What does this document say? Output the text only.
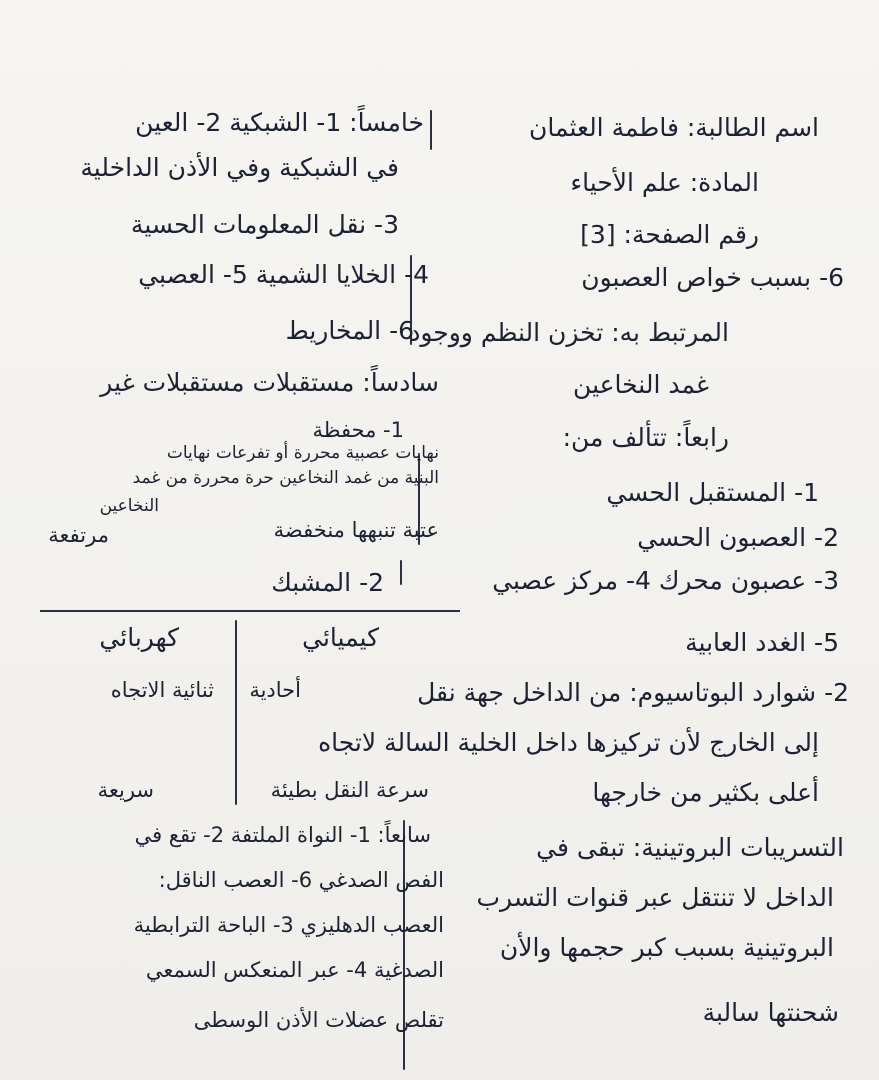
اسم الطالبة: فاطمة العثمان
المادة: علم الأحياء
رقم الصفحة: [3]
6- بسبب خواص العصبون
المرتبط به: تخزن النظم ووجود
غمد النخاعين
رابعاً: تتألف من:
1- المستقبل الحسي
2- العصبون الحسي
3- عصبون محرك 4- مركز عصبي
5- الغدد العابية
خامساً: 1- الشبكية 2- العين
في الشبكية وفي الأذن الداخلية
3- نقل المعلومات الحسية
4- الخلايا الشمية 5- العصبي
6- المخاريط
سادساً: مستقبلات مستقبلات غير
1- محفظة
نهايات عصبية محررة أو تفرعات نهايات
البنية من غمد النخاعين حرة محررة من غمد
عتبة تنبهها منخفضة
النخاعين
مرتفعة
2- المشبك
كيميائي
كهربائي
أحادية
ثنائية الاتجاه
سرعة النقل بطيئة
سريعة
2- شوارد البوتاسيوم: من الداخل جهة نقل
إلى الخارج لأن تركيزها داخل الخلية السالة لاتجاه
أعلى بكثير من خارجها
التسريبات البروتينية: تبقى في
الداخل لا تنتقل عبر قنوات التسرب
البروتينية بسبب كبر حجمها والأن
شحنتها سالبة
سابعاً: 1- النواة الملتفة 2- تقع في
الفص الصدغي 6- العصب الناقل:
العصب الدهليزي 3- الباحة الترابطية
الصدغية 4- عبر المنعكس السمعي
تقلص عضلات الأذن الوسطى
